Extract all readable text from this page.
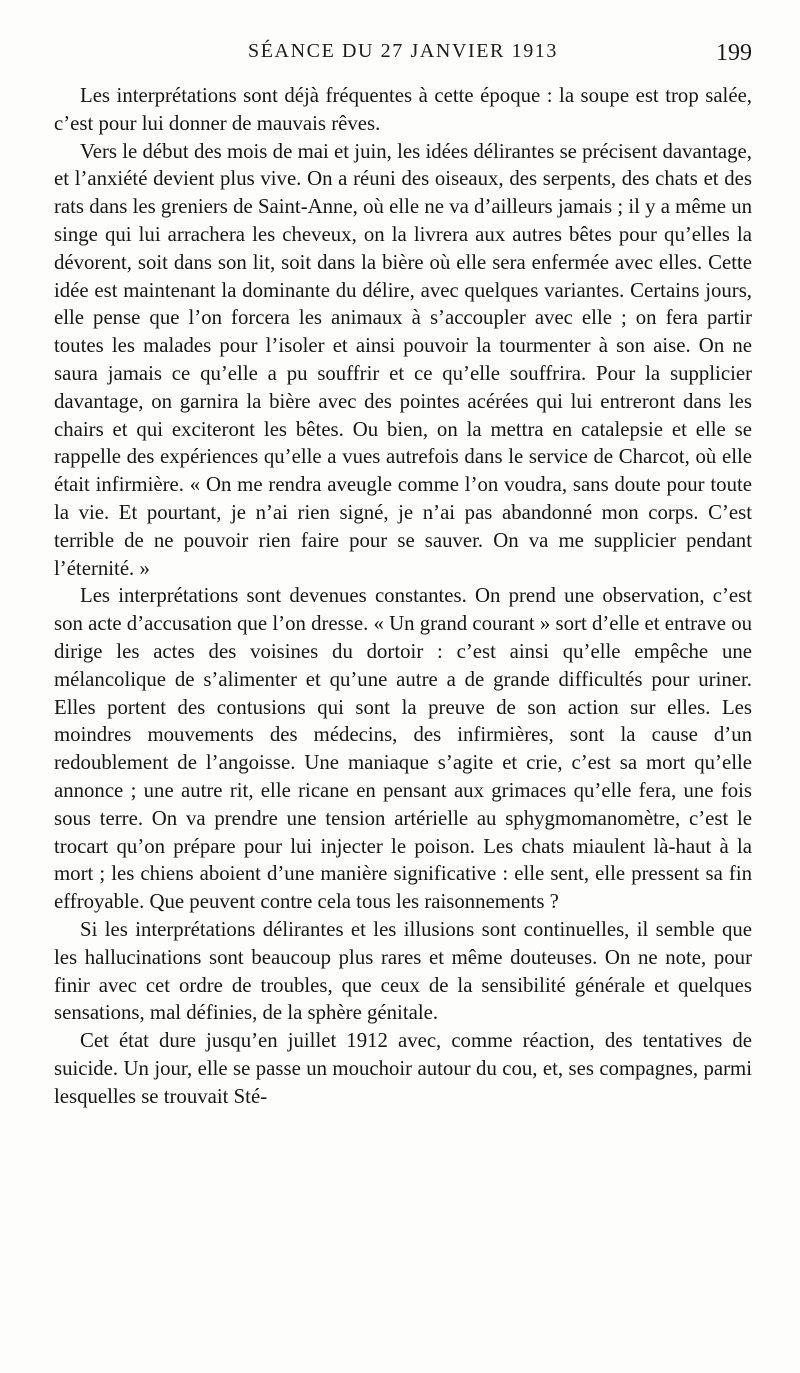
SÉANCE DU 27 JANVIER 1913	199

Les interprétations sont déjà fréquentes à cette époque : la soupe est trop salée, c’est pour lui donner de mauvais rêves.

Vers le début des mois de mai et juin, les idées délirantes se précisent davantage, et l’anxiété devient plus vive. On a réuni des oiseaux, des serpents, des chats et des rats dans les greniers de Saint-Anne, où elle ne va d’ailleurs jamais ; il y a même un singe qui lui arrachera les cheveux, on la livrera aux autres bêtes pour qu’elles la dévorent, soit dans son lit, soit dans la bière où elle sera enfermée avec elles. Cette idée est maintenant la dominante du délire, avec quelques variantes. Certains jours, elle pense que l’on forcera les animaux à s’accoupler avec elle ; on fera partir toutes les malades pour l’isoler et ainsi pouvoir la tourmenter à son aise. On ne saura jamais ce qu’elle a pu souffrir et ce qu’elle souffrira. Pour la supplicier davantage, on garnira la bière avec des pointes acérées qui lui entreront dans les chairs et qui exciteront les bêtes. Ou bien, on la mettra en catalepsie et elle se rappelle des expériences qu’elle a vues autrefois dans le service de Charcot, où elle était infirmière. « On me rendra aveugle comme l’on voudra, sans doute pour toute la vie. Et pourtant, je n’ai rien signé, je n’ai pas abandonné mon corps. C’est terrible de ne pouvoir rien faire pour se sauver. On va me supplicier pendant l’éternité. »

Les interprétations sont devenues constantes. On prend une observation, c’est son acte d’accusation que l’on dresse. « Un grand courant » sort d’elle et entrave ou dirige les actes des voisines du dortoir : c’est ainsi qu’elle empêche une mélancolique de s’alimenter et qu’une autre a de grande difficultés pour uriner. Elles portent des contusions qui sont la preuve de son action sur elles. Les moindres mouvements des médecins, des infirmières, sont la cause d’un redoublement de l’angoisse. Une maniaque s’agite et crie, c’est sa mort qu’elle annonce ; une autre rit, elle ricane en pensant aux grimaces qu’elle fera, une fois sous terre. On va prendre une tension artérielle au sphygmomanomètre, c’est le trocart qu’on prépare pour lui injecter le poison. Les chats miaulent là-haut à la mort ; les chiens aboient d’une manière significative : elle sent, elle pressent sa fin effroyable. Que peuvent contre cela tous les raisonnements ?

Si les interprétations délirantes et les illusions sont continuelles, il semble que les hallucinations sont beaucoup plus rares et même douteuses. On ne note, pour finir avec cet ordre de troubles, que ceux de la sensibilité générale et quelques sensations, mal définies, de la sphère génitale.

Cet état dure jusqu’en juillet 1912 avec, comme réaction, des tentatives de suicide. Un jour, elle se passe un mouchoir autour du cou, et, ses compagnes, parmi lesquelles se trouvait Sté-
